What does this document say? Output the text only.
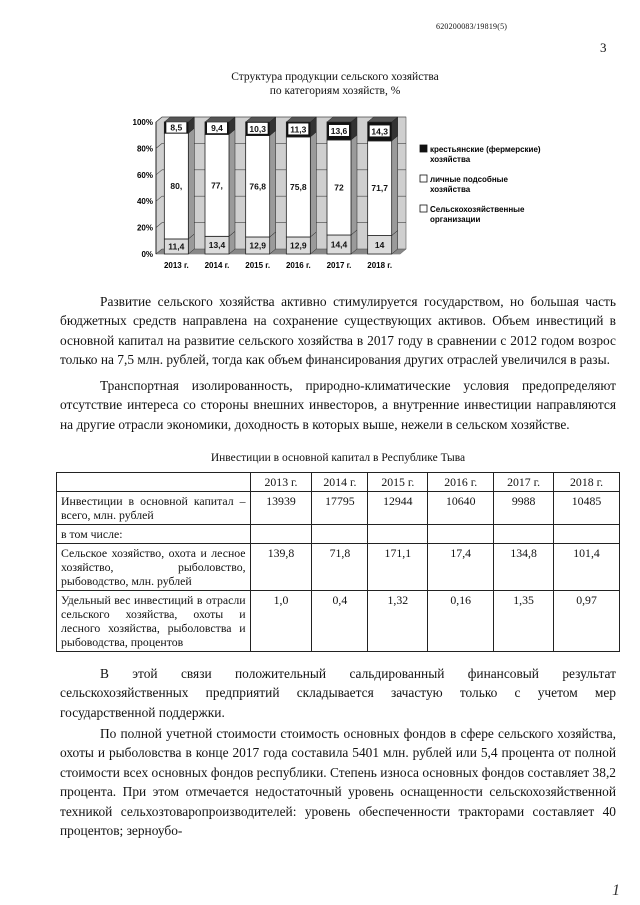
620200083/19819(5)
3
Структура продукции сельского хозяйства
по категориям хозяйств, %
0%
20%
40%
60%
80%
100%
11,4
80,
8,5
2013 г.
13,4
77,
9,4
2014 г.
12,9
76,8
10,3
2015 г.
12,9
75,8
11,3
2016 г.
14,4
72
13,6
2017 г.
14
71,7
14,3
2018 г.
крестьянские (фермерские)
хозяйства
личные подсобные
хозяйства
Сельскохозяйственные
организации

Развитие сельского хозяйства активно стимулируется государством, но большая часть бюджетных средств направлена на сохранение существующих активов. Объем инвестиций в основной капитал на развитие сельского хозяйства в 2017 году в сравнении с 2012 годом возрос только на 7,5 млн. рублей, тогда как объем финансирования других отраслей увеличился в разы.

Транспортная изолированность, природно-климатические условия предопределяют отсутствие интереса со стороны внешних инвесторов, а внутренние инвестиции направляются на другие отрасли экономики, доходность в которых выше, нежели в сельском хозяйстве.

Инвестиции в основной капитал в Республике Тыва
	2013 г.	2014 г.	2015 г.	2016 г.	2017 г.	2018 г.
Инвестиции в основной капитал – всего, млн. рублей	13939	17795	12944	10640	9988	10485
в том числе:						
Сельское хозяйство, охота и лесное хозяйство, рыболовство, рыбоводство, млн. рублей	139,8	71,8	171,1	17,4	134,8	101,4
Удельный вес инвестиций в отрасли сельского хозяйства, охоты и лесного хозяйства, рыболовства и рыбоводства, процентов	1,0	0,4	1,32	0,16	1,35	0,97

В этой связи положительный сальдированный финансовый результат сельскохозяйственных предприятий складывается зачастую только с учетом мер государственной поддержки.

По полной учетной стоимости стоимость основных фондов в сфере сельского хозяйства, охоты и рыболовства в конце 2017 года составила 5401 млн. рублей или 5,4 процента от полной стоимости всех основных фондов республики. Степень износа основных фондов составляет 38,2 процента. При этом отмечается недостаточный уровень оснащенности сельскохозяйственной техникой сельхозтоваропроизводителей: уровень обеспеченности тракторами составляет 40 процентов; зерноубо-

1
